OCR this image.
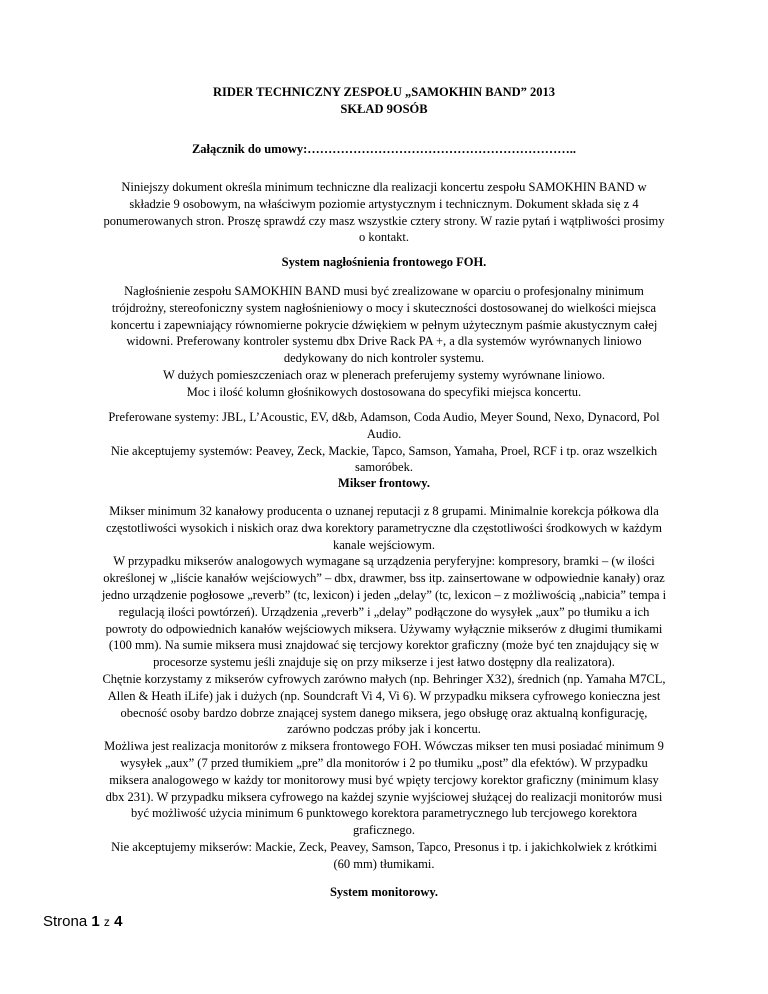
RIDER TECHNICZNY ZESPOŁU „SAMOKHIN BAND” 2013
SKŁAD 9OSÓB
Załącznik do umowy:………………………………………………………..

Niniejszy dokument określa minimum techniczne dla realizacji koncertu zespołu SAMOKHIN BAND w

składzie 9 osobowym, na właściwym poziomie artystycznym i technicznym. Dokument składa się z 4

ponumerowanych stron. Proszę sprawdź czy masz wszystkie cztery strony. W razie pytań i wątpliwości prosimy

o kontakt.

System nagłośnienia frontowego FOH.

Nagłośnienie zespołu SAMOKHIN BAND musi być zrealizowane w oparciu o profesjonalny minimum

trójdrożny, stereofoniczny system nagłośnieniowy o mocy i skuteczności dostosowanej do wielkości miejsca

koncertu i zapewniający równomierne pokrycie dźwiękiem w pełnym użytecznym paśmie akustycznym całej

widowni. Preferowany kontroler systemu dbx Drive Rack PA +, a dla systemów wyrównanych liniowo

dedykowany do nich kontroler systemu.

W dużych pomieszczeniach oraz w plenerach preferujemy systemy wyrównane liniowo.

Moc i ilość kolumn głośnikowych dostosowana do specyfiki miejsca koncertu.

Preferowane systemy: JBL, L’Acoustic, EV, d&b, Adamson, Coda Audio, Meyer Sound, Nexo, Dynacord, Pol

Audio.

Nie akceptujemy systemów: Peavey, Zeck, Mackie, Tapco, Samson, Yamaha, Proel, RCF i tp. oraz wszelkich

samoróbek.

Mikser frontowy.

Mikser minimum 32 kanałowy producenta o uznanej reputacji z 8 grupami. Minimalnie korekcja półkowa dla

częstotliwości wysokich i niskich oraz dwa korektory parametryczne dla częstotliwości środkowych w każdym

kanale wejściowym.

W przypadku mikserów analogowych wymagane są urządzenia peryferyjne: kompresory, bramki – (w ilości

określonej w „liście kanałów wejściowych” – dbx, drawmer, bss itp. zainsertowane w odpowiednie kanały) oraz

jedno urządzenie pogłosowe „reverb” (tc, lexicon) i jeden „delay” (tc, lexicon – z możliwością „nabicia” tempa i

regulacją ilości powtórzeń). Urządzenia „reverb” i „delay” podłączone do wysyłek „aux” po tłumiku a ich

powroty do odpowiednich kanałów wejściowych miksera. Używamy wyłącznie mikserów z długimi tłumikami

(100 mm). Na sumie miksera musi znajdować się tercjowy korektor graficzny (może być ten znajdujący się w

procesorze systemu jeśli znajduje się on przy mikserze i jest łatwo dostępny dla realizatora).

Chętnie korzystamy z mikserów cyfrowych zarówno małych (np. Behringer X32), średnich (np. Yamaha M7CL,

Allen & Heath iLife) jak i dużych (np. Soundcraft Vi 4, Vi 6). W przypadku miksera cyfrowego konieczna jest

obecność osoby bardzo dobrze znającej system danego miksera, jego obsługę oraz aktualną konfigurację,

zarówno podczas próby jak i koncertu.

Możliwa jest realizacja monitorów z miksera frontowego FOH. Wówczas mikser ten musi posiadać minimum 9

wysyłek „aux” (7 przed tłumikiem „pre” dla monitorów i 2 po tłumiku „post” dla efektów). W przypadku

miksera analogowego w każdy tor monitorowy musi być wpięty tercjowy korektor graficzny (minimum klasy

dbx 231). W przypadku miksera cyfrowego na każdej szynie wyjściowej służącej do realizacji monitorów musi

być możliwość użycia minimum 6 punktowego korektora parametrycznego lub tercjowego korektora

graficznego.

Nie akceptujemy mikserów: Mackie, Zeck, Peavey, Samson, Tapco, Presonus i tp. i jakichkolwiek z krótkimi

(60 mm) tłumikami.

System monitorowy.
Strona 1 z 4
